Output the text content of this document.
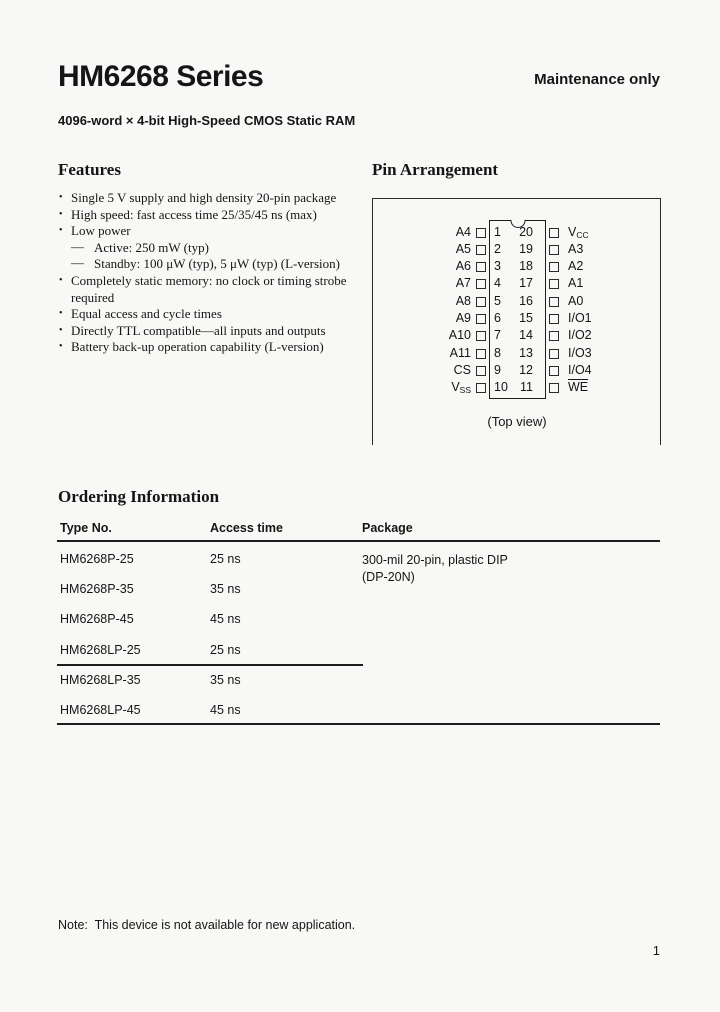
HM6268 Series	Maintenance only
4096-word × 4-bit High-Speed CMOS Static RAM
Features
• Single 5 V supply and high density 20-pin package
• High speed: fast access time 25/35/45 ns (max)
• Low power
— Active: 250 mW (typ)
— Standby: 100 μW (typ), 5 μW (typ) (L-version)
• Completely static memory: no clock or timing strobe required
• Equal access and cycle times
• Directly TTL compatible—all inputs and outputs
• Battery back-up operation capability (L-version)
Pin Arrangement
A4 1	20	$V_{CC}$
A5 2	19	A3
A6 3	18	A2
A7 4	17	A1
A8 5	16	A0
A9 6	15	I/O1
A10 7	14	I/O2
A11 8	13	I/O3
CS 9	12	I/O4
$V_{SS}$ 10 11	$\overline{WE}$
(Top view)
Ordering Information
Type No.	Access time	Package
HM6268P-25	25 ns	300-mil 20-pin, plastic DIP
(DP-20N)
HM6268P-35	35 ns
HM6268P-45	45 ns
HM6268LP-25	25 ns
HM6268LP-35	35 ns
HM6268LP-45	45 ns
Note:  This device is not available for new application.
1
